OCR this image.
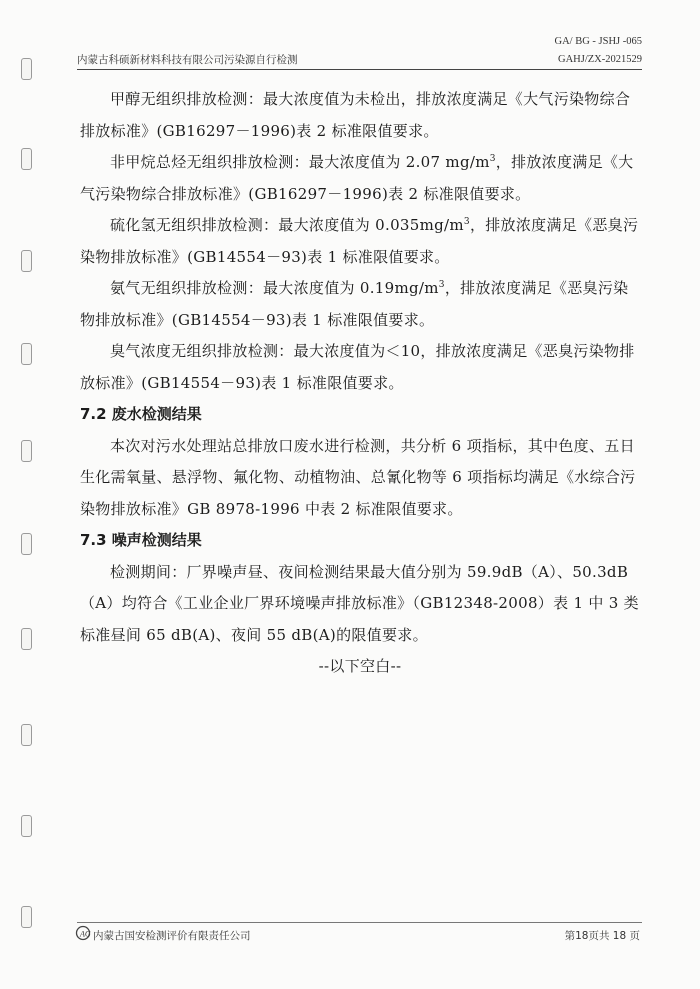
内蒙古科硕新材料科技有限公司污染源自行检测
GA/ BG - JSHJ -065
GAHJ/ZX-2021529

甲醇无组织排放检测：最大浓度值为未检出，排放浓度满足《大气污染物综合排放标准》(GB16297－1996)表 2 标准限值要求。

非甲烷总烃无组织排放检测：最大浓度值为 2.07 $mg/m^3$，排放浓度满足《大气污染物综合排放标准》(GB16297－1996)表 2 标准限值要求。

硫化氢无组织排放检测：最大浓度值为 $0.035mg/m^3$，排放浓度满足《恶臭污染物排放标准》(GB14554－93)表 1 标准限值要求。

氨气无组织排放检测：最大浓度值为 $0.19mg/m^3$，排放浓度满足《恶臭污染物排放标准》(GB14554－93)表 1 标准限值要求。

臭气浓度无组织排放检测：最大浓度值为＜10，排放浓度满足《恶臭污染物排放标准》(GB14554－93)表 1 标准限值要求。

7.2 废水检测结果

本次对污水处理站总排放口废水进行检测，共分析 6 项指标，其中色度、五日生化需氧量、悬浮物、氟化物、动植物油、总氰化物等 6 项指标均满足《水综合污染物排放标准》GB 8978-1996 中表 2 标准限值要求。

7.3 噪声检测结果

检测期间：厂界噪声昼、夜间检测结果最大值分别为 59.9dB（A）、50.3dB（A）均符合《工业企业厂界环境噪声排放标准》（GB12348-2008）表 1 中 3 类标准昼间 65 dB(A)、夜间 55 dB(A)的限值要求。

--以下空白--

AG 内蒙古国安检测评价有限责任公司	第18页共 18 页
